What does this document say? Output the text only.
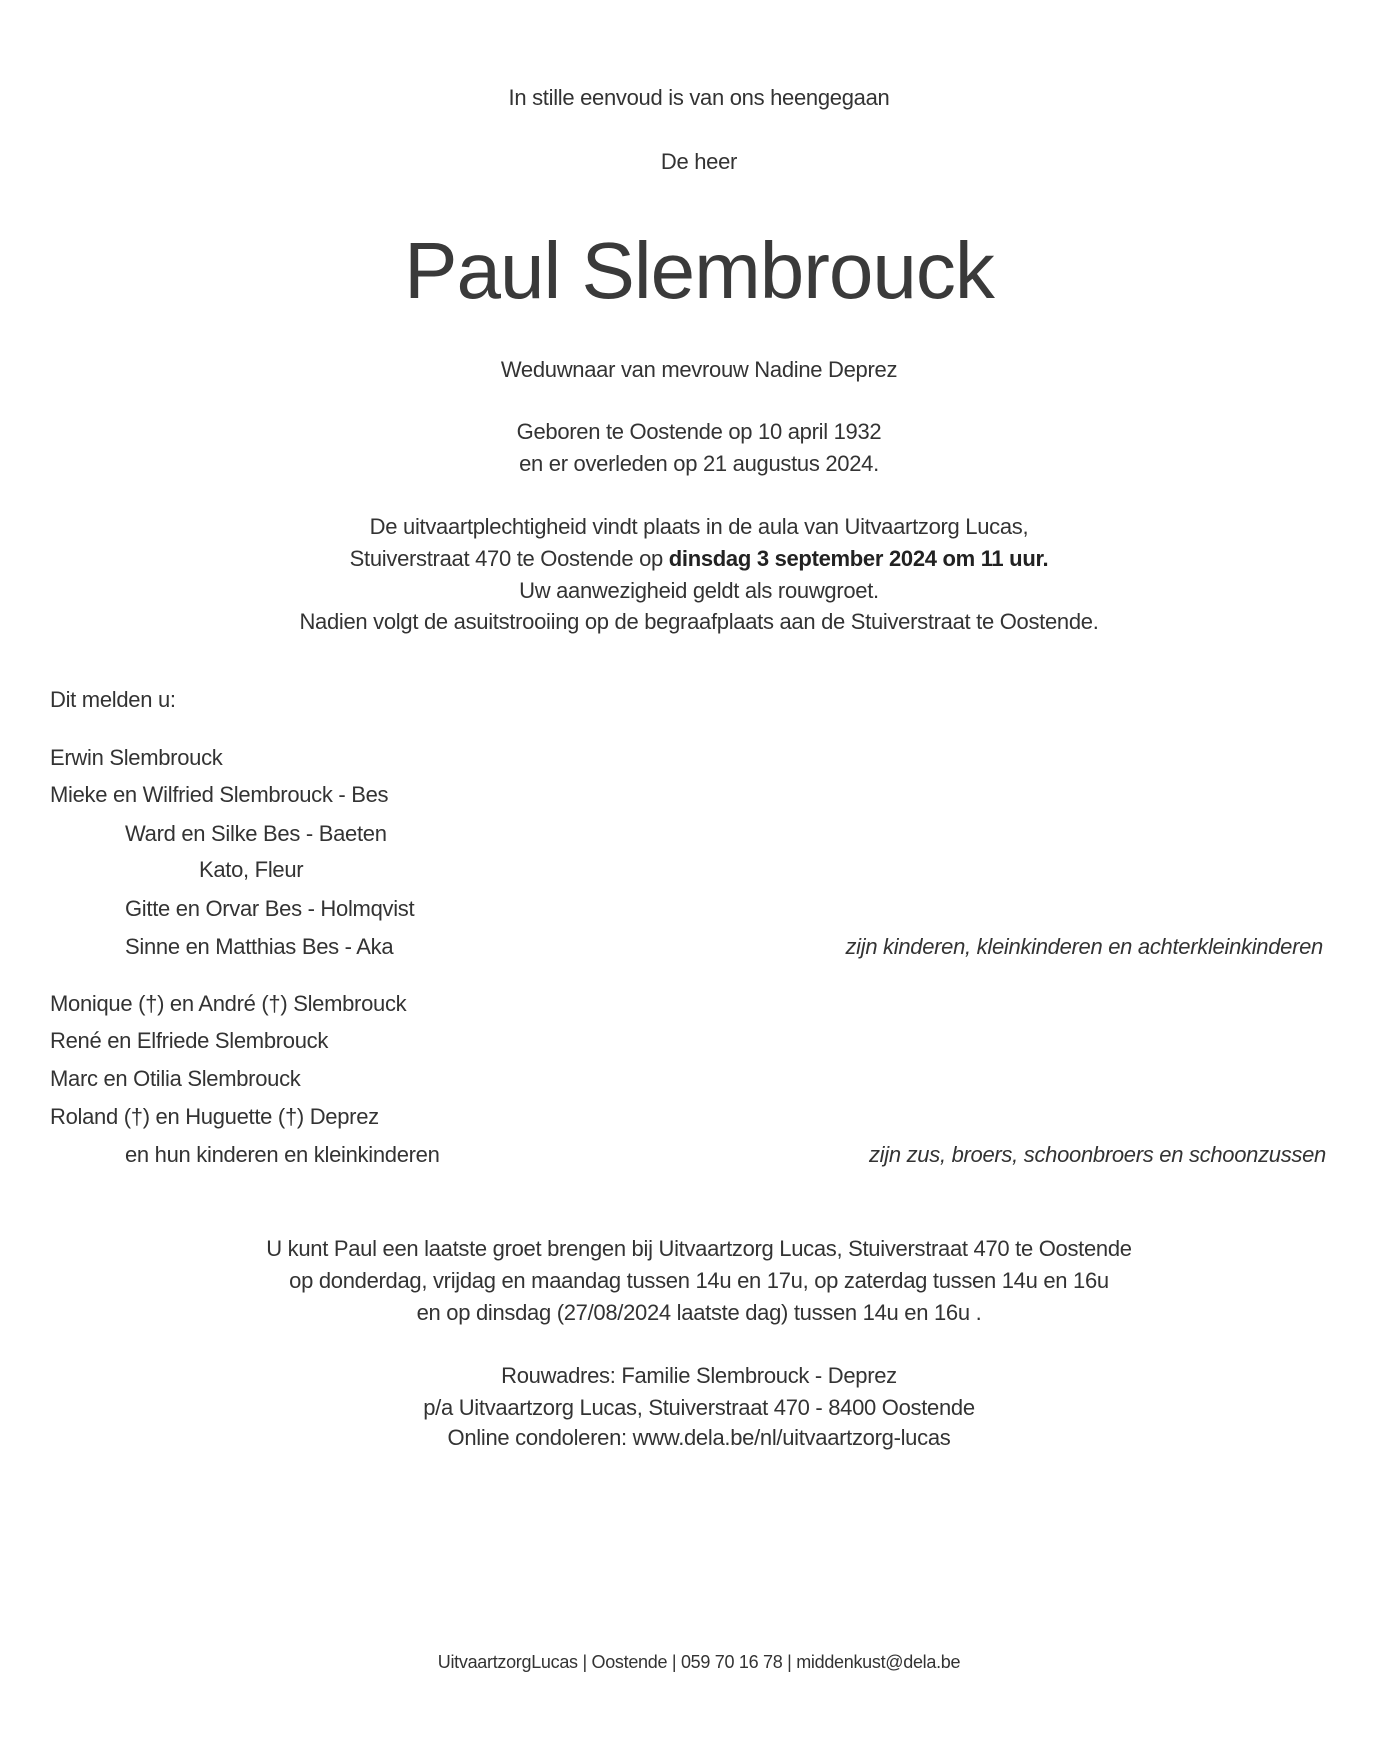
In stille eenvoud is van ons heengegaan
De heer
Paul Slembrouck
Weduwnaar van mevrouw Nadine Deprez
Geboren te Oostende op 10 april 1932
en er overleden op 21 augustus 2024.
De uitvaartplechtigheid vindt plaats in de aula van Uitvaartzorg Lucas,
Stuiverstraat 470 te Oostende op dinsdag 3 september 2024 om 11 uur.
Uw aanwezigheid geldt als rouwgroet.
Nadien volgt de asuitstrooiing op de begraafplaats aan de Stuiverstraat te Oostende.
Dit melden u:
Erwin Slembrouck
Mieke en Wilfried Slembrouck - Bes
Ward en Silke Bes - Baeten
Kato, Fleur
Gitte en Orvar Bes - Holmqvist
Sinne en Matthias Bes - Aka	zijn kinderen, kleinkinderen en achterkleinkinderen
Monique (†) en André (†) Slembrouck
René en Elfriede Slembrouck
Marc en Otilia Slembrouck
Roland (†) en Huguette (†) Deprez
en hun kinderen en kleinkinderen	zijn zus, broers, schoonbroers en schoonzussen
U kunt Paul een laatste groet brengen bij Uitvaartzorg Lucas, Stuiverstraat 470 te Oostende
op donderdag, vrijdag en maandag tussen 14u en 17u, op zaterdag tussen 14u en 16u
en op dinsdag (27/08/2024 laatste dag) tussen 14u en 16u .
Rouwadres: Familie Slembrouck - Deprez
p/a Uitvaartzorg Lucas, Stuiverstraat 470 - 8400 Oostende
Online condoleren: www.dela.be/nl/uitvaartzorg-lucas
UitvaartzorgLucas | Oostende | 059 70 16 78 | middenkust@dela.be
